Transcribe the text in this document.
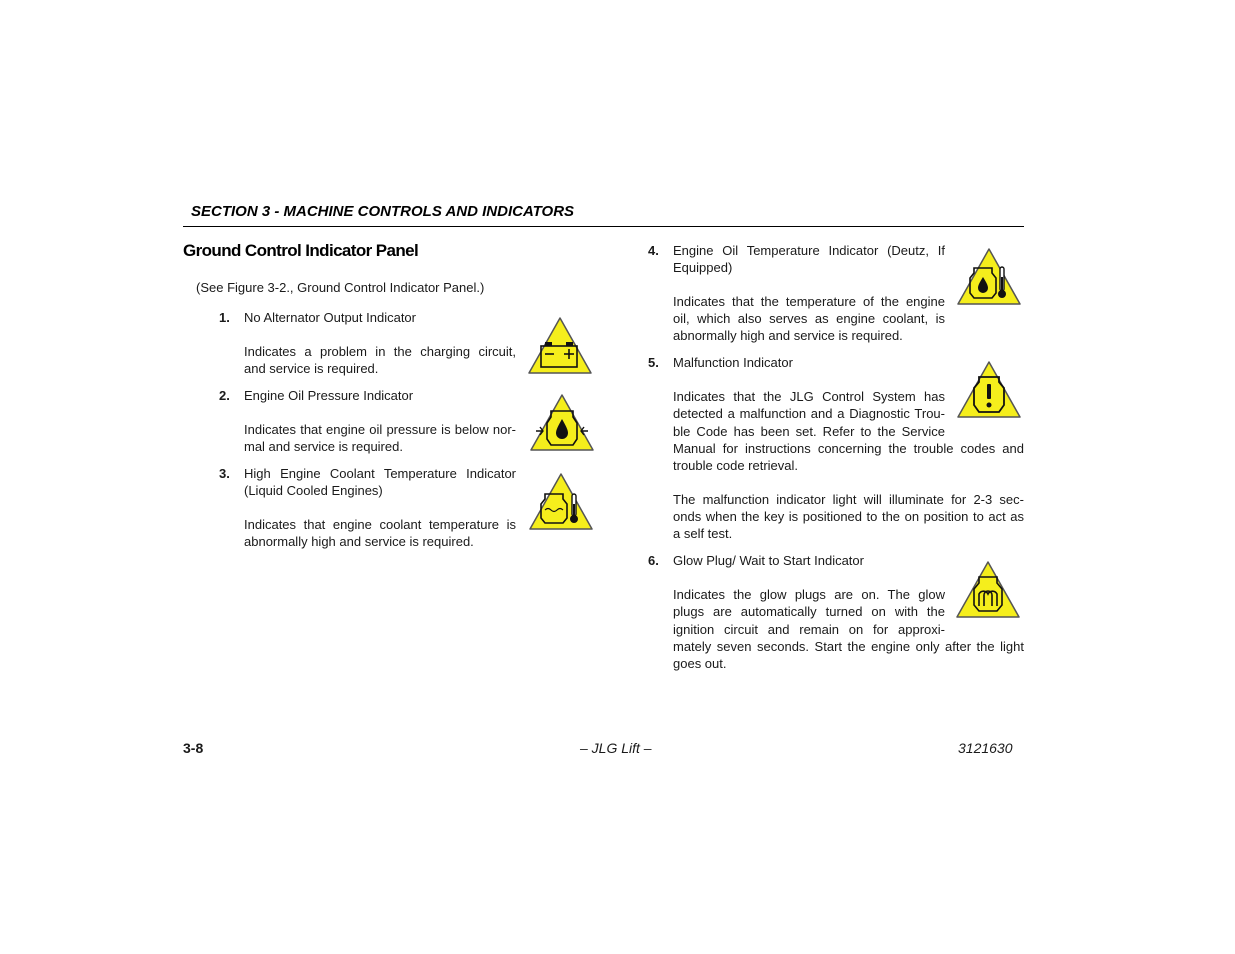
SECTION 3 - MACHINE CONTROLS AND INDICATORS
Ground Control Indicator Panel
(See Figure 3-2., Ground Control Indicator Panel.)
1. No Alternator Output Indicator
Indicates a problem in the charging circuit,
and service is required.
2. Engine Oil Pressure Indicator
Indicates that engine oil pressure is below nor-
mal and service is required.
3. High Engine Coolant Temperature Indicator
(Liquid Cooled Engines)
Indicates that engine coolant temperature is
abnormally high and service is required.
4. Engine Oil Temperature Indicator (Deutz, If
Equipped)
Indicates that the temperature of the engine
oil, which also serves as engine coolant, is
abnormally high and service is required.
5. Malfunction Indicator
Indicates that the JLG Control System has
detected a malfunction and a Diagnostic Trou-
ble Code has been set. Refer to the Service
Manual for instructions concerning the trouble codes and
trouble code retrieval.
The malfunction indicator light will illuminate for 2-3 sec-
onds when the key is positioned to the on position to act as
a self test.
6. Glow Plug/ Wait to Start Indicator
Indicates the glow plugs are on. The glow
plugs are automatically turned on with the
ignition circuit and remain on for approxi-
mately seven seconds. Start the engine only after the light
goes out.
3-8	– JLG Lift –	3121630
